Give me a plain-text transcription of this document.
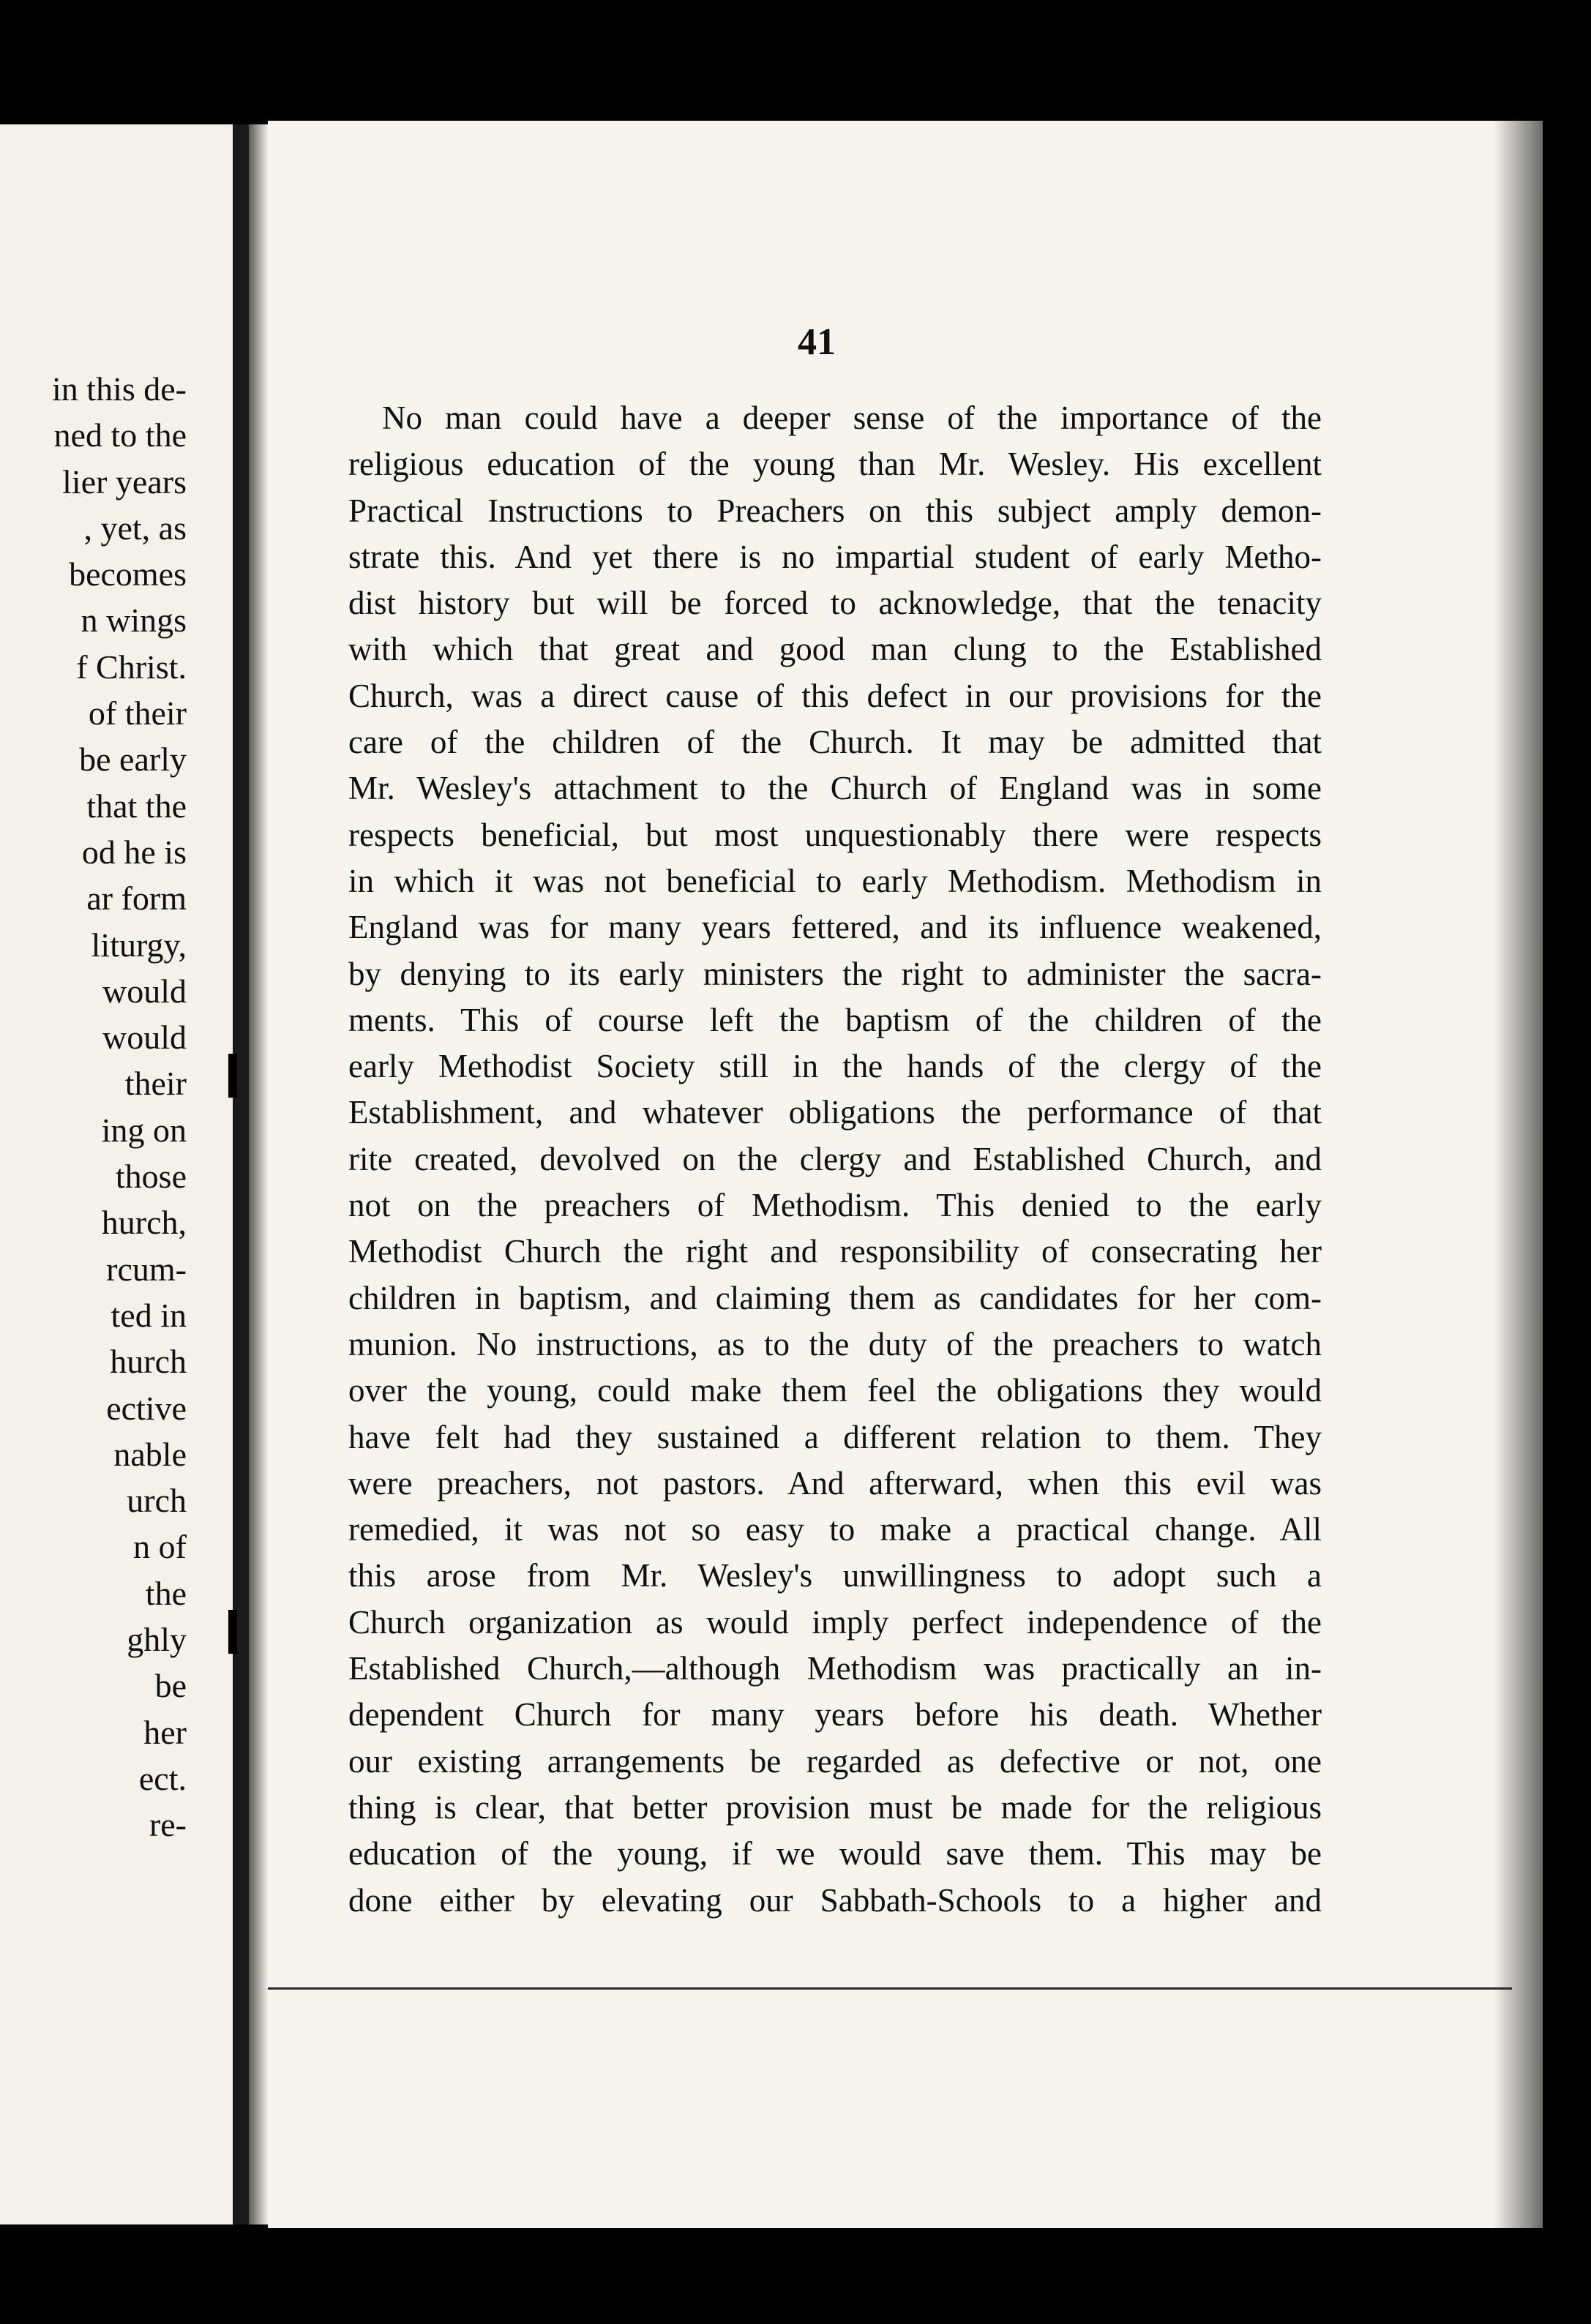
in this de-
ned to the
lier years
, yet, as
becomes
n wings
f Christ.
of their
be early
that the
od he is
ar form
liturgy,
would
would
their
ing on
those
hurch,
rcum-
ted in
hurch
ective
nable
urch
n of
the
ghly
be
her
ect.
re-
41
No man could have a deeper sense of the importance of the
religious education of the young than Mr. Wesley. His excellent
Practical Instructions to Preachers on this subject amply demon-
strate this. And yet there is no impartial student of early Metho-
dist history but will be forced to acknowledge, that the tenacity
with which that great and good man clung to the Established
Church, was a direct cause of this defect in our provisions for the
care of the children of the Church. It may be admitted that
Mr. Wesley's attachment to the Church of England was in some
respects beneficial, but most unquestionably there were respects
in which it was not beneficial to early Methodism. Methodism in
England was for many years fettered, and its influence weakened,
by denying to its early ministers the right to administer the sacra-
ments. This of course left the baptism of the children of the
early Methodist Society still in the hands of the clergy of the
Establishment, and whatever obligations the performance of that
rite created, devolved on the clergy and Established Church, and
not on the preachers of Methodism. This denied to the early
Methodist Church the right and responsibility of consecrating her
children in baptism, and claiming them as candidates for her com-
munion. No instructions, as to the duty of the preachers to watch
over the young, could make them feel the obligations they would
have felt had they sustained a different relation to them. They
were preachers, not pastors. And afterward, when this evil was
remedied, it was not so easy to make a practical change. All
this arose from Mr. Wesley's unwillingness to adopt such a
Church organization as would imply perfect independence of the
Established Church,—although Methodism was practically an in-
dependent Church for many years before his death. Whether
our existing arrangements be regarded as defective or not, one
thing is clear, that better provision must be made for the religious
education of the young, if we would save them. This may be
done either by elevating our Sabbath-Schools to a higher and
